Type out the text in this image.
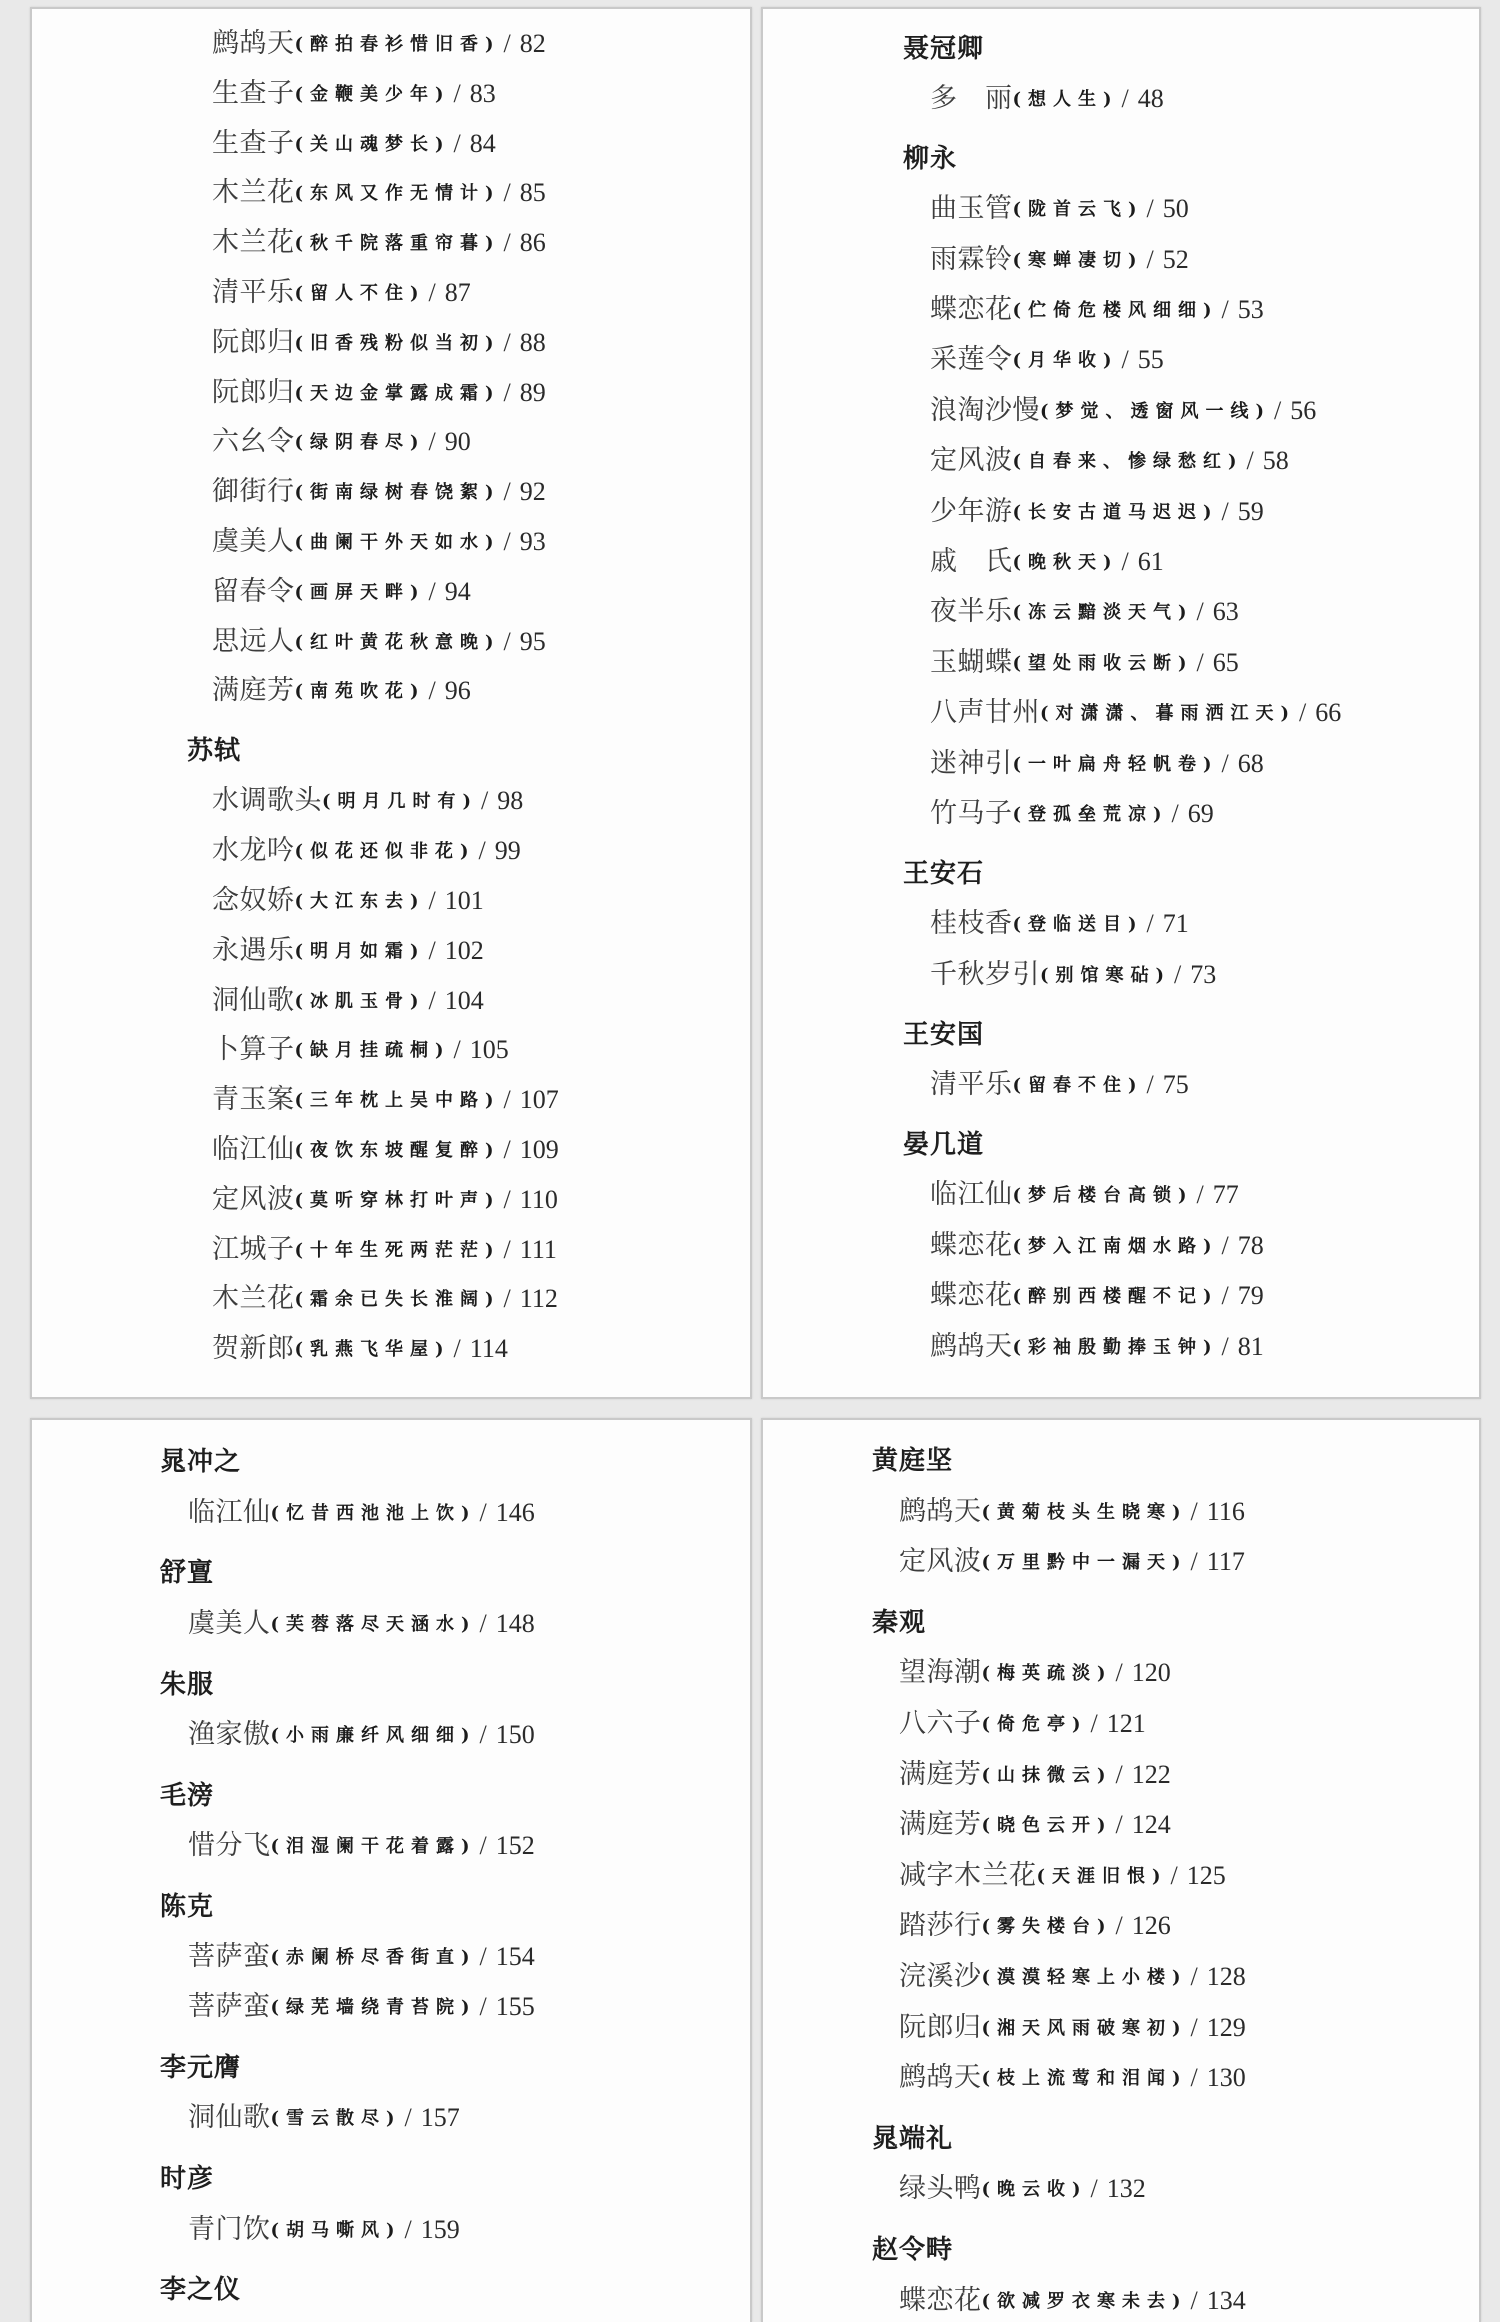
鹧鸪天(醉拍春衫惜旧香) / 82
生查子(金鞭美少年) / 83
生查子(关山魂梦长) / 84
木兰花(东风又作无情计) / 85
木兰花(秋千院落重帘暮) / 86
清平乐(留人不住) / 87
阮郎归(旧香残粉似当初) / 88
阮郎归(天边金掌露成霜) / 89
六幺令(绿阴春尽) / 90
御街行(街南绿树春饶絮) / 92
虞美人(曲阑干外天如水) / 93
留春令(画屏天畔) / 94
思远人(红叶黄花秋意晚) / 95
满庭芳(南苑吹花) / 96
苏轼
水调歌头(明月几时有) / 98
水龙吟(似花还似非花) / 99
念奴娇(大江东去) / 101
永遇乐(明月如霜) / 102
洞仙歌(冰肌玉骨) / 104
卜算子(缺月挂疏桐) / 105
青玉案(三年枕上吴中路) / 107
临江仙(夜饮东坡醒复醉) / 109
定风波(莫听穿林打叶声) / 110
江城子(十年生死两茫茫) / 111
木兰花(霜余已失长淮阔) / 112
贺新郎(乳燕飞华屋) / 114
聂冠卿
多　丽(想人生) / 48
柳永
曲玉管(陇首云飞) / 50
雨霖铃(寒蝉凄切) / 52
蝶恋花(伫倚危楼风细细) / 53
采莲令(月华收) / 55
浪淘沙慢(梦觉、透窗风一线) / 56
定风波(自春来、惨绿愁红) / 58
少年游(长安古道马迟迟) / 59
戚　氏(晚秋天) / 61
夜半乐(冻云黯淡天气) / 63
玉蝴蝶(望处雨收云断) / 65
八声甘州(对潇潇、暮雨洒江天) / 66
迷神引(一叶扁舟轻帆卷) / 68
竹马子(登孤垒荒凉) / 69
王安石
桂枝香(登临送目) / 71
千秋岁引(别馆寒砧) / 73
王安国
清平乐(留春不住) / 75
晏几道
临江仙(梦后楼台高锁) / 77
蝶恋花(梦入江南烟水路) / 78
蝶恋花(醉别西楼醒不记) / 79
鹧鸪天(彩袖殷勤捧玉钟) / 81
晁冲之
临江仙(忆昔西池池上饮) / 146
舒亶
虞美人(芙蓉落尽天涵水) / 148
朱服
渔家傲(小雨廉纤风细细) / 150
毛滂
惜分飞(泪湿阑干花着露) / 152
陈克
菩萨蛮(赤阑桥尽香街直) / 154
菩萨蛮(绿芜墙绕青苔院) / 155
李元膺
洞仙歌(雪云散尽) / 157
时彦
青门饮(胡马嘶风) / 159
李之仪
黄庭坚
鹧鸪天(黄菊枝头生晓寒) / 116
定风波(万里黔中一漏天) / 117
秦观
望海潮(梅英疏淡) / 120
八六子(倚危亭) / 121
满庭芳(山抹微云) / 122
满庭芳(晓色云开) / 124
减字木兰花(天涯旧恨) / 125
踏莎行(雾失楼台) / 126
浣溪沙(漠漠轻寒上小楼) / 128
阮郎归(湘天风雨破寒初) / 129
鹧鸪天(枝上流莺和泪闻) / 130
晁端礼
绿头鸭(晚云收) / 132
赵令畤
蝶恋花(欲减罗衣寒未去) / 134
